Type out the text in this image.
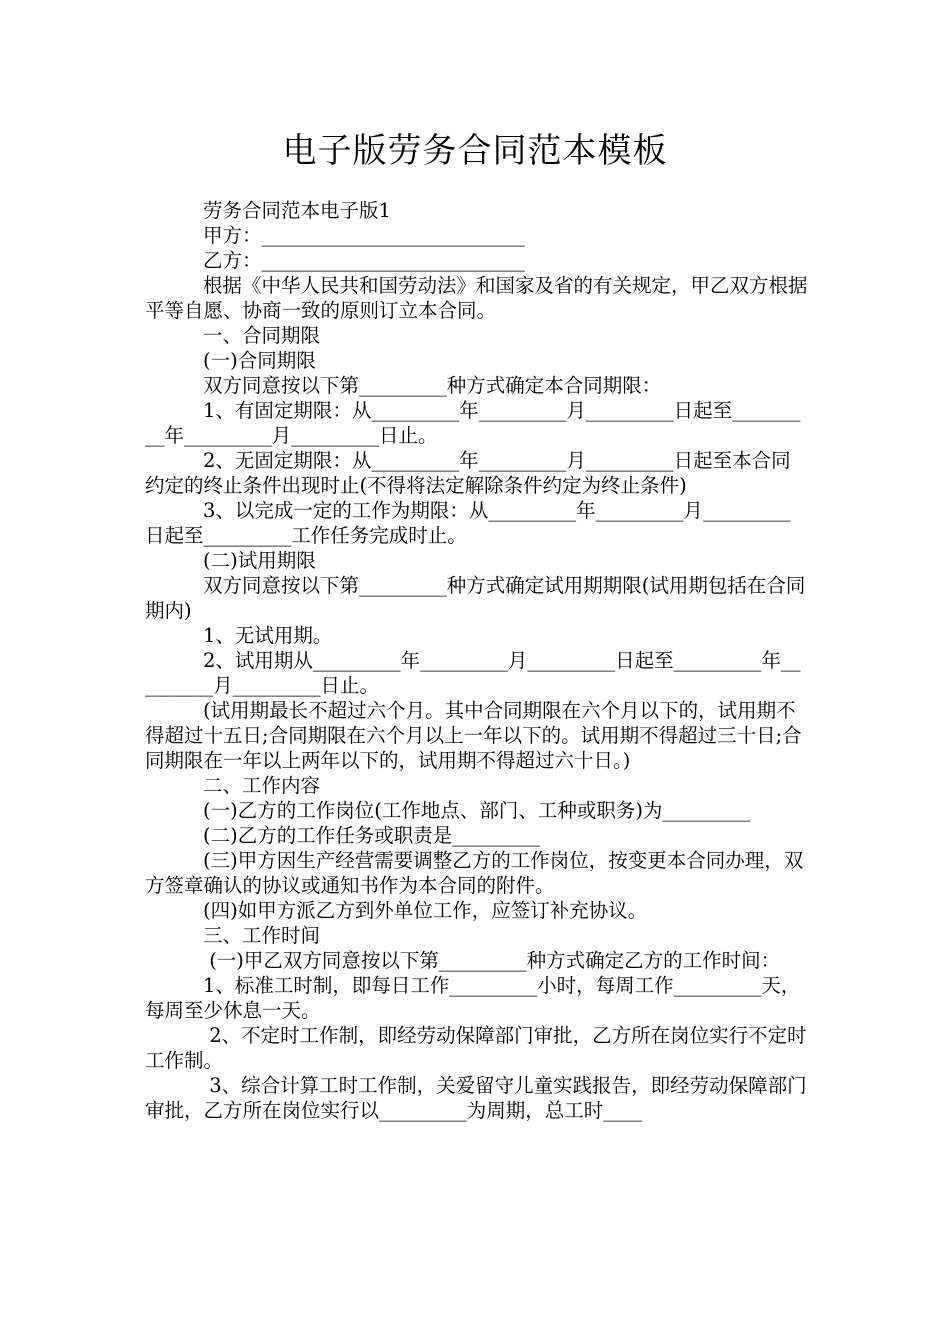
电子版劳务合同范本模板

劳务合同范本电子版1

甲方：___________________________

乙方：___________________________

根据《中华人民共和国劳动法》和国家及省的有关规定，甲乙双方根据平等自愿、协商一致的原则订立本合同。

一、合同期限

(一)合同期限

双方同意按以下第_________种方式确定本合同期限：

1、有固定期限：从_________年_________月_________日起至_________年_________月_________日止。

2、无固定期限：从_________年_________月_________日起至本合同约定的终止条件出现时止(不得将法定解除条件约定为终止条件)

3、以完成一定的工作为期限：从_________年_________月_________日起至_________工作任务完成时止。

(二)试用期限

双方同意按以下第_________种方式确定试用期期限(试用期包括在合同期内)

1、无试用期。

2、试用期从_________年_________月_________日起至_________年_________月_________日止。

(试用期最长不超过六个月。其中合同期限在六个月以下的，试用期不得超过十五日;合同期限在六个月以上一年以下的。试用期不得超过三十日;合同期限在一年以上两年以下的，试用期不得超过六十日。)

二、工作内容

(一)乙方的工作岗位(工作地点、部门、工种或职务)为_________

(二)乙方的工作任务或职责是_________

(三)甲方因生产经营需要调整乙方的工作岗位，按变更本合同办理，双方签章确认的协议或通知书作为本合同的附件。

(四)如甲方派乙方到外单位工作，应签订补充协议。

三、工作时间

(一)甲乙双方同意按以下第_________种方式确定乙方的工作时间：

1、标准工时制，即每日工作_________小时，每周工作_________天，每周至少休息一天。

2、不定时工作制，即经劳动保障部门审批，乙方所在岗位实行不定时工作制。

3、综合计算工时工作制，关爱留守儿童实践报告，即经劳动保障部门审批，乙方所在岗位实行以_________为周期，总工时____
